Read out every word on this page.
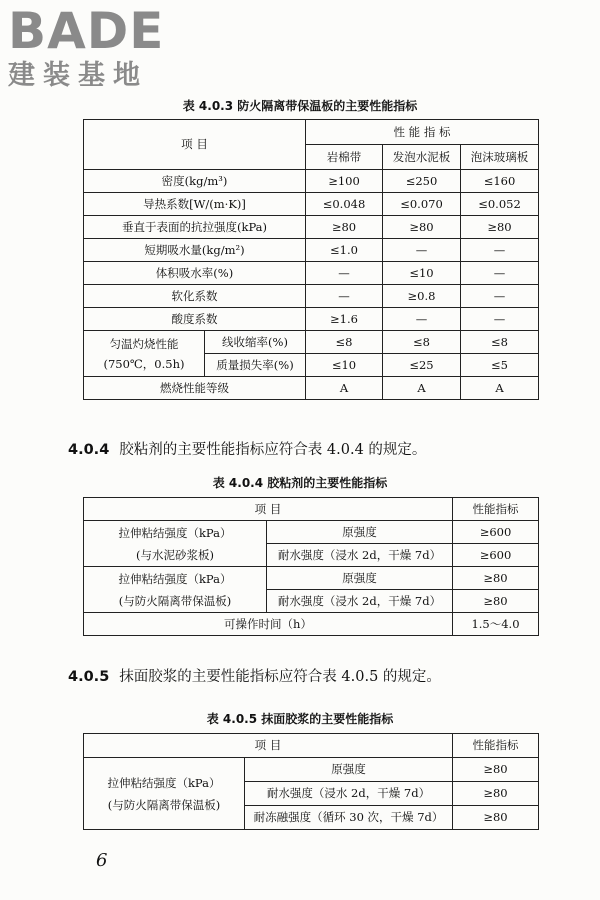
BADE
建装基地
表 4.0.3 防火隔离带保温板的主要性能指标
项 目		性 能 指 标		
		岩棉带	发泡水泥板	泡沫玻璃板
密度(kg/m³)		≥100	≤250	≤160
导热系数[W/(m·K)]		≤0.048	≤0.070	≤0.052
垂直于表面的抗拉强度(kPa)		≥80	≥80	≥80
短期吸水量(kg/m²)		≤1.0	—	—
体积吸水率(%)		—	≤10	—
软化系数		—	≥0.8	—
酸度系数		≥1.6	—	—

匀温灼烧性能
(750℃，0.5h)	线收缩率(%)	≤8	≤8	≤8
	质量损失率(%)	≤10	≤25	≤5
燃烧性能等级		A	A	A
4.0.4 胶粘剂的主要性能指标应符合表 4.0.4 的规定。
表 4.0.4 胶粘剂的主要性能指标
项 目		性能指标

拉伸粘结强度（kPa）
(与水泥砂浆板)	原强度	≥600
	耐水强度（浸水 2d，干燥 7d）	≥600

拉伸粘结强度（kPa）
(与防火隔离带保温板)	原强度	≥80
	耐水强度（浸水 2d，干燥 7d）	≥80
可操作时间（h）		1.5～4.0
4.0.5 抹面胶浆的主要性能指标应符合表 4.0.5 的规定。
表 4.0.5 抹面胶浆的主要性能指标
项 目		性能指标

拉伸粘结强度（kPa）
(与防火隔离带保温板)	原强度	≥80
	耐水强度（浸水 2d，干燥 7d）	≥80
	耐冻融强度（循环 30 次，干燥 7d）	≥80
6
